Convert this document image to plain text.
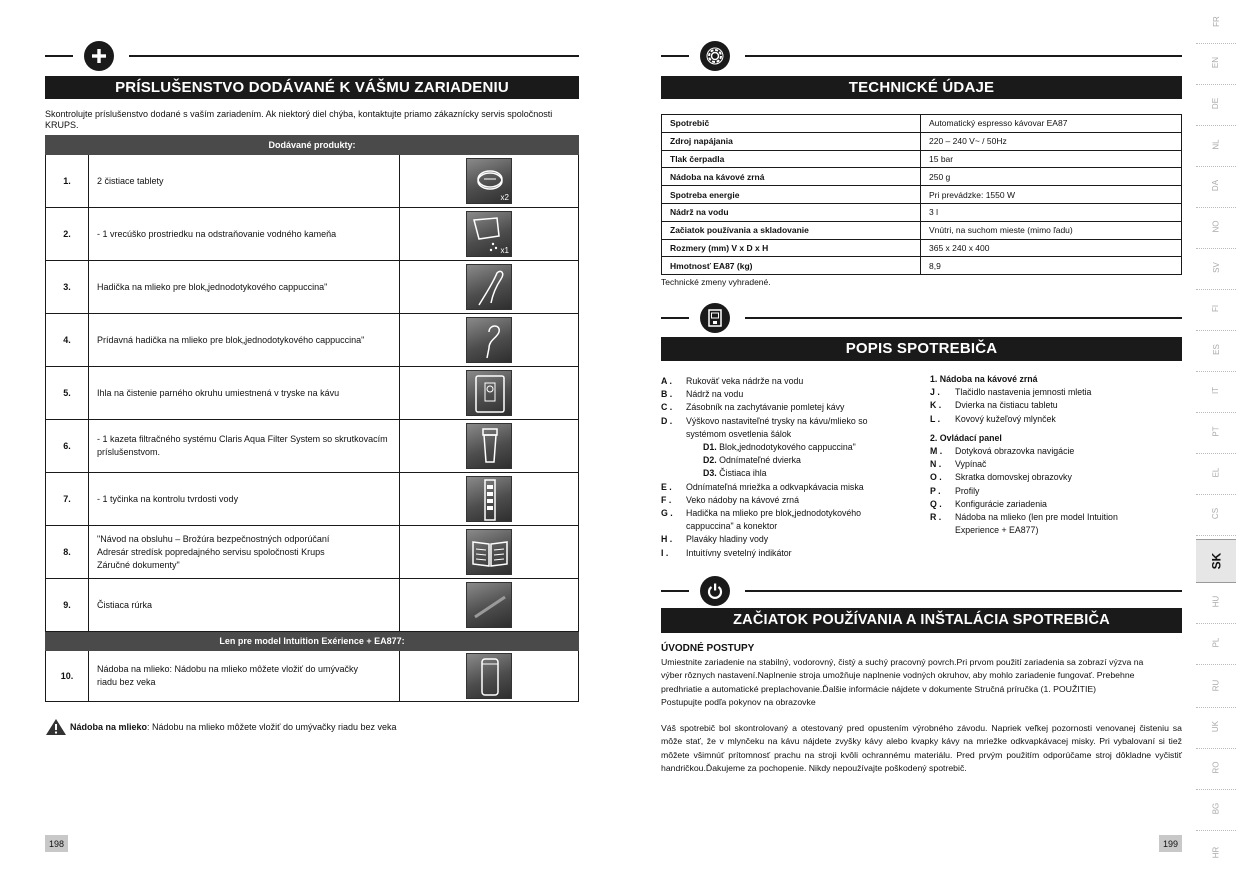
PRÍSLUŠENSTVO DODÁVANÉ K VÁŠMU ZARIADENIU
Skontrolujte príslušenstvo dodané s vaším zariadením. Ak niektorý diel chýba, kontaktujte priamo zákaznícky servis spoločnosti KRUPS.
Dodávané produkty:		
1.	2 čistiace tablety	x2

2.	- 1 vrecúško prostriedku na odstraňovanie vodného kameňa	x1

3.	Hadička na mlieko pre blok„jednodotykového cappuccina"	

4.	Prídavná hadička na mlieko pre blok„jednodotykového cappuccina"	

5.	Ihla na čistenie parného okruhu umiestnená v tryske na kávu	

6.	- 1 kazeta filtračného systému Claris Aqua Filter System so skrutkovacím príslušenstvom.	

7.	- 1 tyčinka na kontrolu tvrdosti vody	

8.	"Návod na obsluhu – Brožúra bezpečnostných odporúčaní
Adresár stredísk popredajného servisu spoločnosti Krups
Záručné dokumenty"

9.	Čistiaca rúrka	

Len pre model Intuition Exérience + EA877:		
10.	Nádoba na mlieko: Nádobu na mlieko môžete vložiť do umývačky
riadu bez veka

Nádoba na mlieko: Nádobu na mlieko môžete vložiť do umývačky riadu bez veka
198
TECHNICKÉ ÚDAJE
Spotrebič	Automatický espresso kávovar EA87
Zdroj napájania	220 – 240 V~ / 50Hz
Tlak čerpadla	15 bar
Nádoba na kávové zrná	250 g
Spotreba energie	Pri prevádzke: 1550 W
Nádrž na vodu	3 l
Začiatok používania a skladovanie	Vnútri, na suchom mieste (mimo ľadu)
Rozmery (mm) V x D x H	365 x 240 x 400
Hmotnosť EA87 (kg)	8,9
Technické zmeny vyhradené.
POPIS SPOTREBIČA
A .	Rukoväť veka nádrže na vodu
B .	Nádrž na vodu
C .	Zásobník na zachytávanie pomletej kávy
D .	Výškovo nastaviteľné trysky na kávu/mlieko so
systémom osvetlenia šálok
D1. Blok„jednodotykového cappuccina"
D2. Odnímateľné dvierka
D3. Čistiaca ihla
E .	Odnímateľná mriežka a odkvapkávacia miska
F .	Veko nádoby na kávové zrná
G .	Hadička na mlieko pre blok„jednodotykového
cappuccina" a konektor
H .	Plaváky hladiny vody
I .	Intuitívny svetelný indikátor
1. Nádoba na kávové zrná
J .	Tlačidlo nastavenia jemnosti mletia
K .	Dvierka na čistiacu tabletu
L .	Kovový kužeľový mlynček
2. Ovládací panel
M .	Dotyková obrazovka navigácie
N .	Vypínač
O .	Skratka domovskej obrazovky
P .	Profily
Q .	Konfigurácie zariadenia
R .	Nádoba na mlieko (len pre model Intuition
Experience + EA877)
ZAČIATOK POUŽÍVANIA A INŠTALÁCIA SPOTREBIČA
ÚVODNÉ POSTUPY
Umiestnite zariadenie na stabilný, vodorovný, čistý a suchý pracovný povrch.Pri prvom použití zariadenia sa zobrazí výzva na
výber rôznych nastavení.Naplnenie stroja umožňuje naplnenie vodných okruhov, aby mohlo zariadenie fungovať. Prebehne
predhriatie a automatické preplachovanie.Ďalšie informácie nájdete v dokumente Stručná príručka (1. POUŽITIE)
Postupujte podľa pokynov na obrazovke
Váš spotrebič bol skontrolovaný a otestovaný pred opustením výrobného závodu. Napriek veľkej pozornosti venovanej čisteniu sa môže stať, že v mlynčeku na kávu nájdete zvyšky kávy alebo kvapky kávy na mriežke odkvapkávacej misky. Pri vybalovaní si tiež môžete všimnúť prítomnosť prachu na stroji kvôli ochrannému materiálu. Pred prvým použitím odporúčame stroj dôkladne vyčistiť handričkou.Ďakujeme za pochopenie. Nikdy nepoužívajte poškodený spotrebič.
199
FR
EN
DE
NL
DA
NO
SV
FI
ES
IT
PT
EL
CS
SK
HU
PL
RU
UK
RO
BG
HR
